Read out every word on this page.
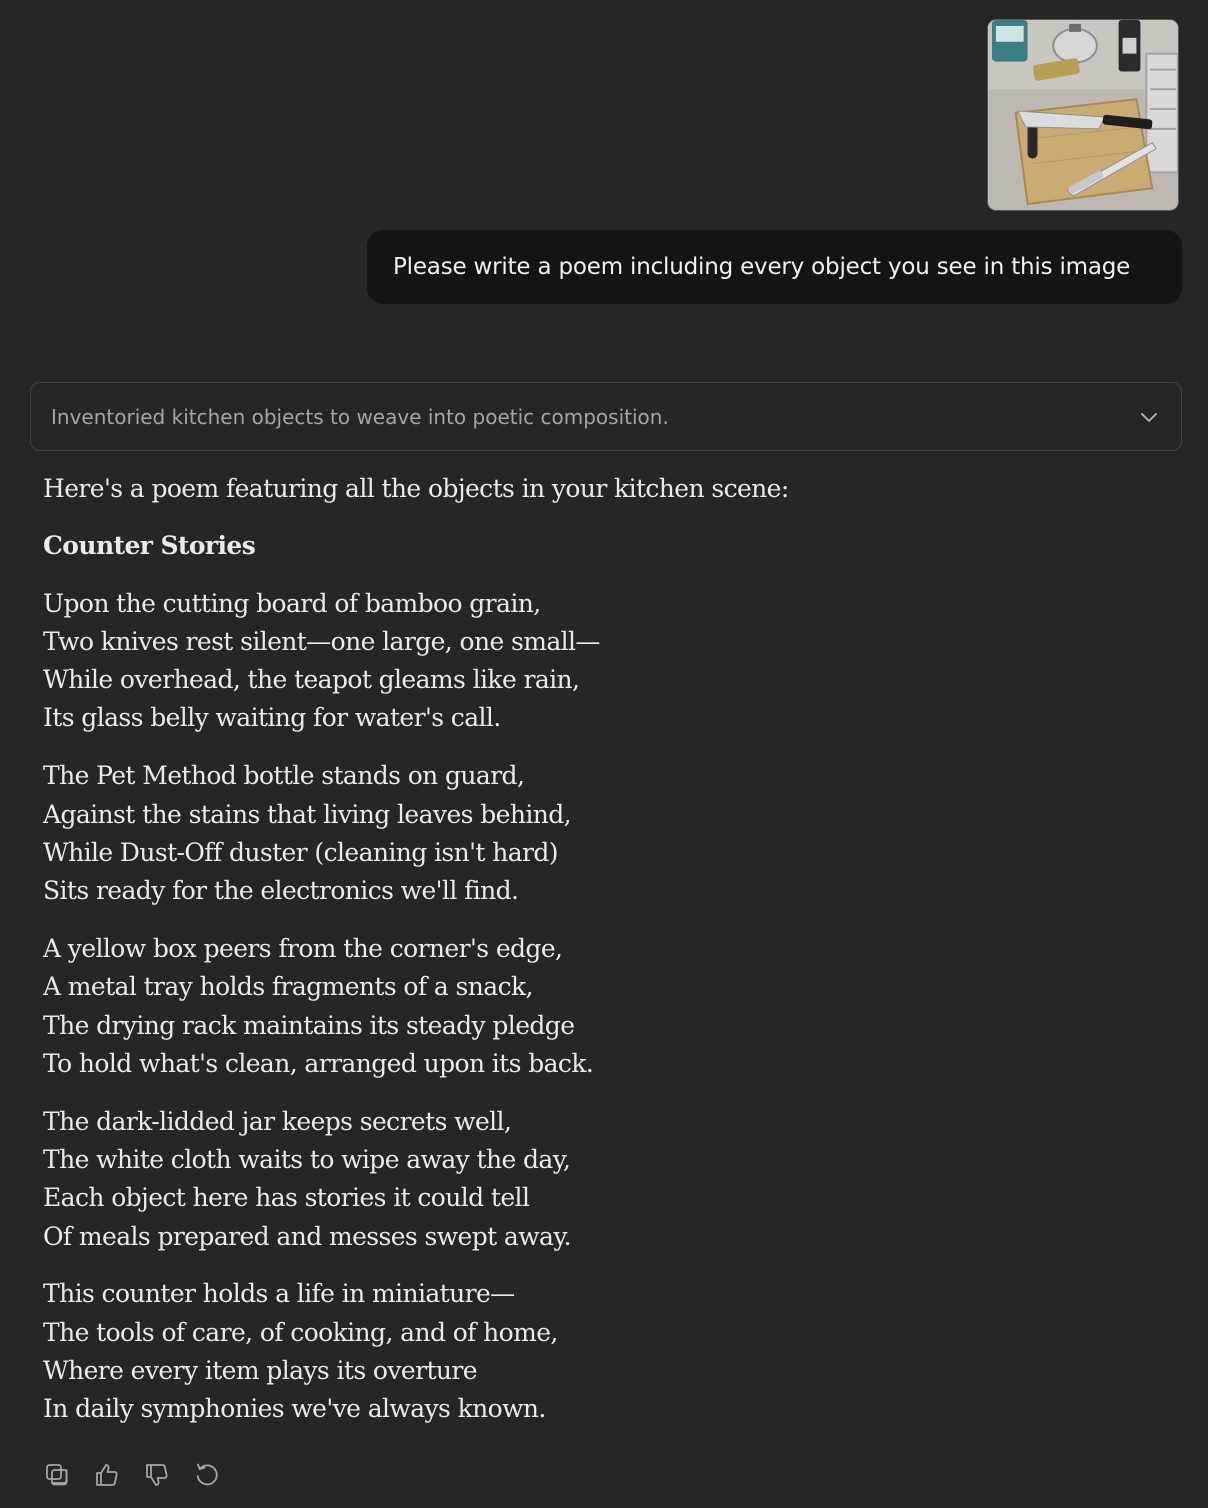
Please write a poem including every object you see in this image
Inventoried kitchen objects to weave into poetic composition.

Here's a poem featuring all the objects in your kitchen scene:

Counter Stories

Upon the cutting board of bamboo grain,

Two knives rest silent—one large, one small—

While overhead, the teapot gleams like rain,

Its glass belly waiting for water's call.

The Pet Method bottle stands on guard,

Against the stains that living leaves behind,

While Dust-Off duster (cleaning isn't hard)

Sits ready for the electronics we'll find.

A yellow box peers from the corner's edge,

A metal tray holds fragments of a snack,

The drying rack maintains its steady pledge

To hold what's clean, arranged upon its back.

The dark-lidded jar keeps secrets well,

The white cloth waits to wipe away the day,

Each object here has stories it could tell

Of meals prepared and messes swept away.

This counter holds a life in miniature—

The tools of care, of cooking, and of home,

Where every item plays its overture

In daily symphonies we've always known.
